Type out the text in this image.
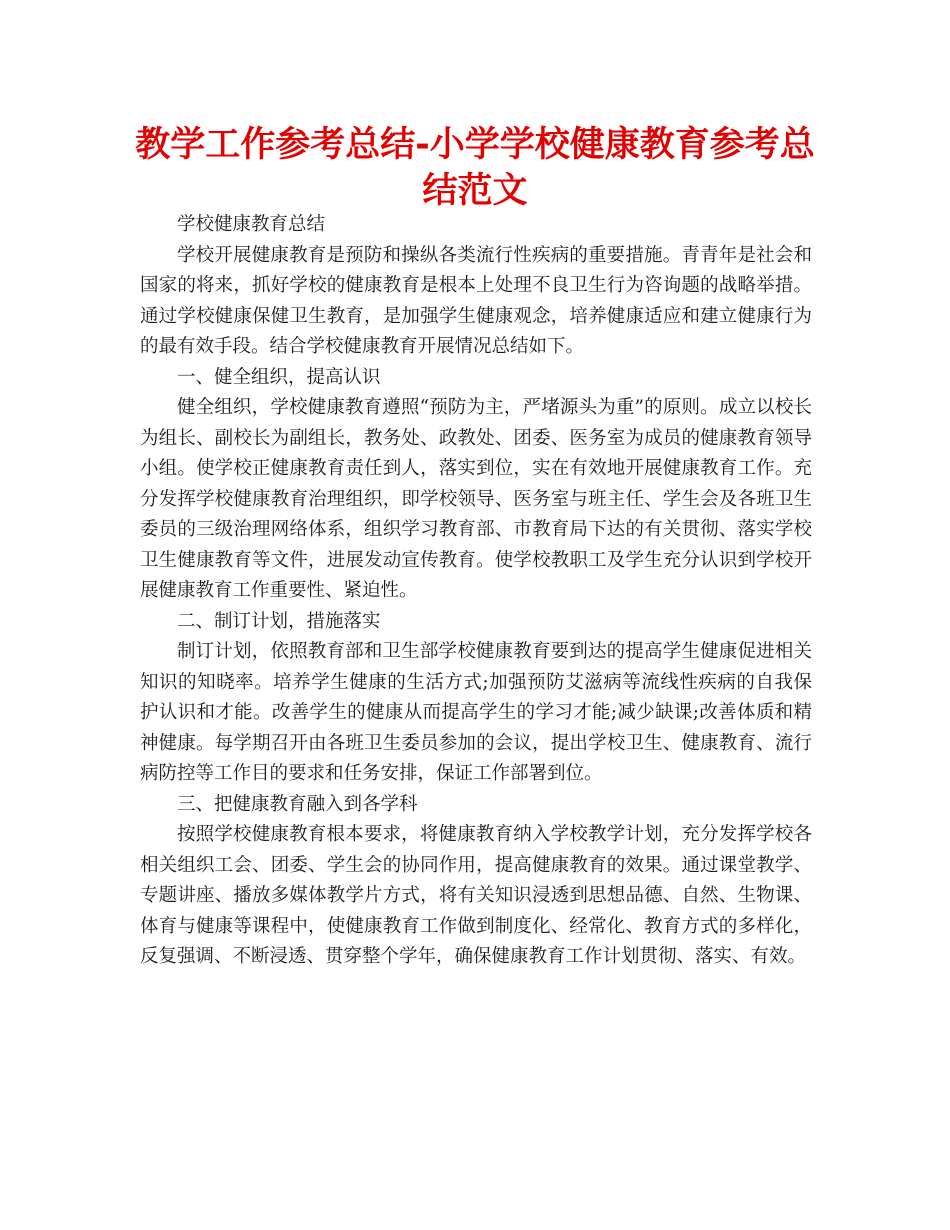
教学工作参考总结-小学学校健康教育参考总结范文

学校健康教育总结

学校开展健康教育是预防和操纵各类流行性疾病的重要措施。青青年是社会和国家的将来，抓好学校的健康教育是根本上处理不良卫生行为咨询题的战略举措。通过学校健康保健卫生教育，是加强学生健康观念，培养健康适应和建立健康行为的最有效手段。结合学校健康教育开展情况总结如下。

一、健全组织，提高认识

健全组织，学校健康教育遵照“预防为主，严堵源头为重”的原则。成立以校长为组长、副校长为副组长，教务处、政教处、团委、医务室为成员的健康教育领导小组。使学校正健康教育责任到人，落实到位，实在有效地开展健康教育工作。充分发挥学校健康教育治理组织，即学校领导、医务室与班主任、学生会及各班卫生委员的三级治理网络体系，组织学习教育部、市教育局下达的有关贯彻、落实学校卫生健康教育等文件，进展发动宣传教育。使学校教职工及学生充分认识到学校开展健康教育工作重要性、紧迫性。

二、制订计划，措施落实

制订计划，依照教育部和卫生部学校健康教育要到达的提高学生健康促进相关知识的知晓率。培养学生健康的生活方式;加强预防艾滋病等流线性疾病的自我保护认识和才能。改善学生的健康从而提高学生的学习才能;减少缺课;改善体质和精神健康。每学期召开由各班卫生委员参加的会议，提出学校卫生、健康教育、流行病防控等工作目的要求和任务安排，保证工作部署到位。

三、把健康教育融入到各学科

按照学校健康教育根本要求，将健康教育纳入学校教学计划，充分发挥学校各相关组织工会、团委、学生会的协同作用，提高健康教育的效果。通过课堂教学、专题讲座、播放多媒体教学片方式，将有关知识浸透到思想品德、自然、生物课、体育与健康等课程中，使健康教育工作做到制度化、经常化、教育方式的多样化，反复强调、不断浸透、贯穿整个学年，确保健康教育工作计划贯彻、落实、有效。
